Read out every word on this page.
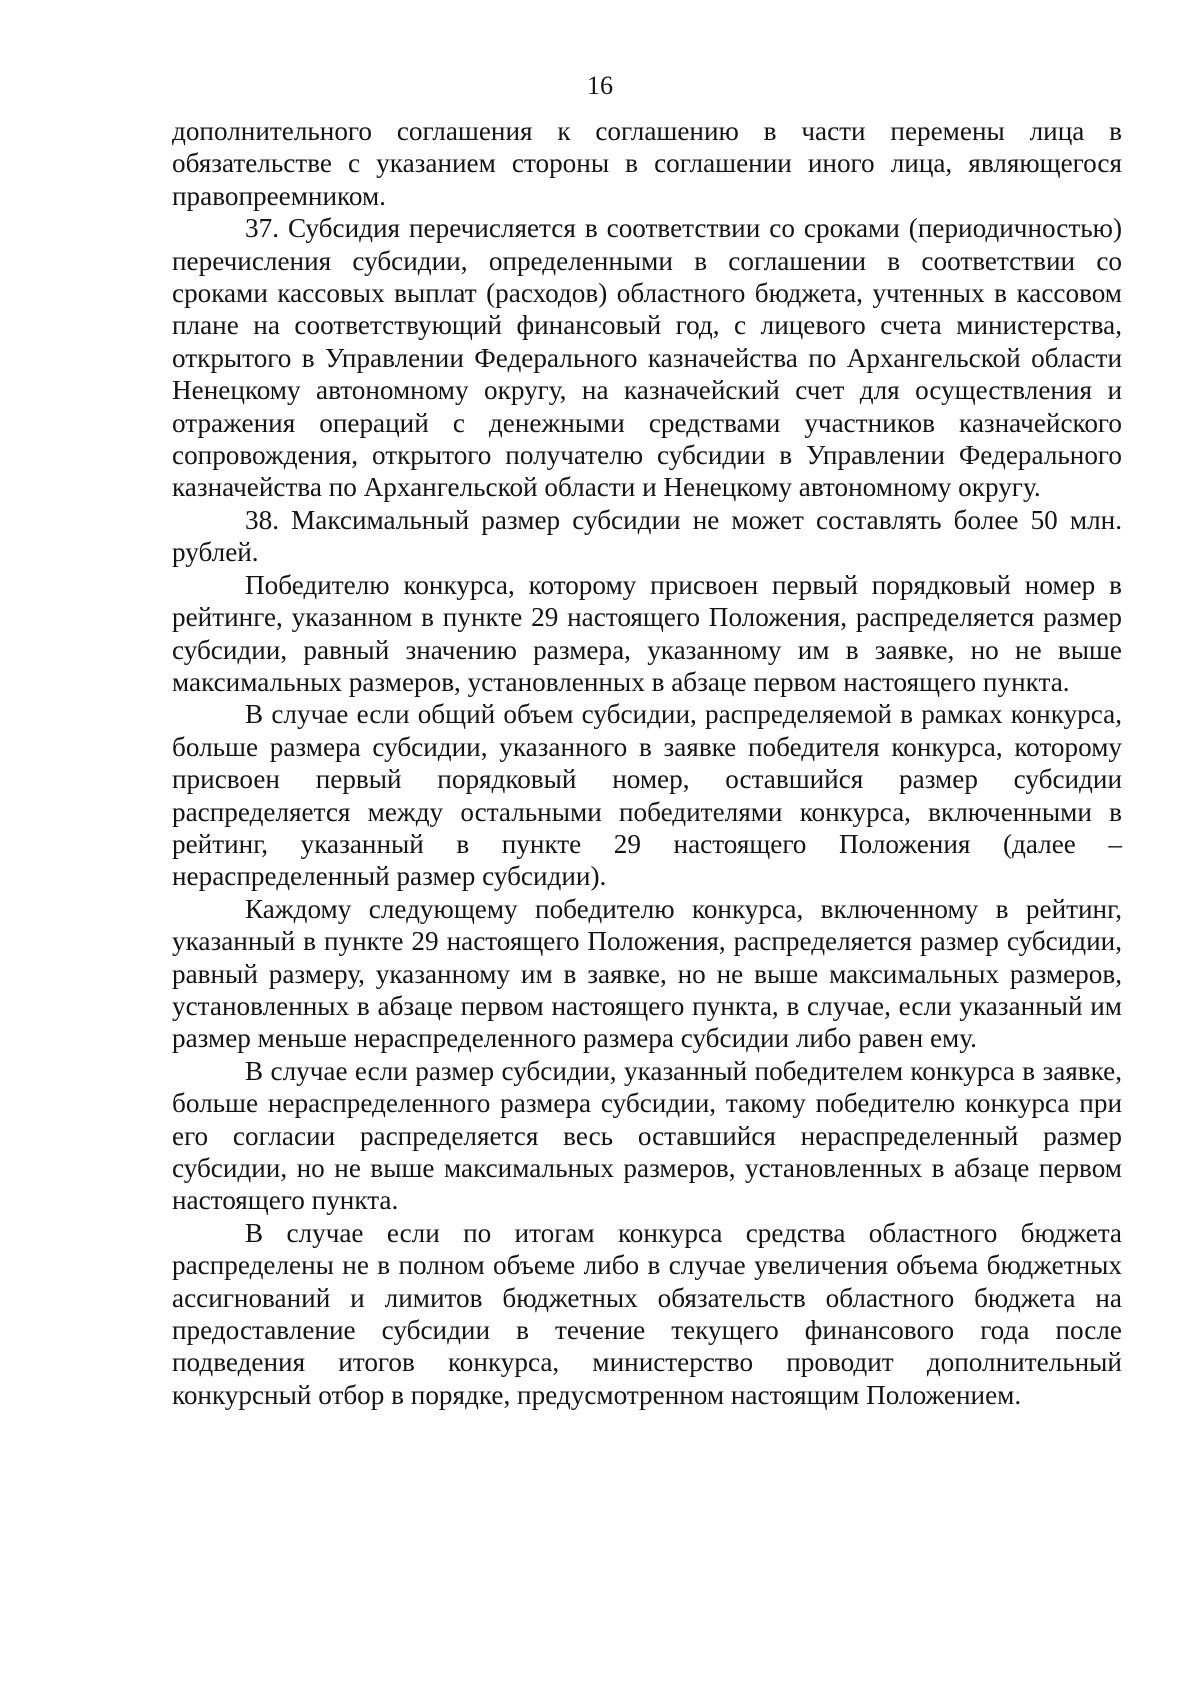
16

дополнительного соглашения к соглашению в части перемены лица в обязательстве с указанием стороны в соглашении иного лица, являющегося правопреемником.

37. Субсидия перечисляется в соответствии со сроками (периодичностью) перечисления субсидии, определенными в соглашении в соответствии со сроками кассовых выплат (расходов) областного бюджета, учтенных в кассовом плане на соответствующий финансовый год, с лицевого счета министерства, открытого в Управлении Федерального казначейства по Архангельской области Ненецкому автономному округу, на казначейский счет для осуществления и отражения операций с денежными средствами участников казначейского сопровождения, открытого получателю субсидии в Управлении Федерального казначейства по Архангельской области и Ненецкому автономному округу.

38. Максимальный размер субсидии не может составлять более 50 млн. рублей.

Победителю конкурса, которому присвоен первый порядковый номер в рейтинге, указанном в пункте 29 настоящего Положения, распределяется размер субсидии, равный значению размера, указанному им в заявке, но не выше максимальных размеров, установленных в абзаце первом настоящего пункта.

В случае если общий объем субсидии, распределяемой в рамках конкурса, больше размера субсидии, указанного в заявке победителя конкурса, которому присвоен первый порядковый номер, оставшийся размер субсидии распределяется между остальными победителями конкурса, включенными в рейтинг, указанный в пункте 29 настоящего Положения (далее – нераспределенный размер субсидии).

Каждому следующему победителю конкурса, включенному в рейтинг, указанный в пункте 29 настоящего Положения, распределяется размер субсидии, равный размеру, указанному им в заявке, но не выше максимальных размеров, установленных в абзаце первом настоящего пункта, в случае, если указанный им размер меньше нераспределенного размера субсидии либо равен ему.

В случае если размер субсидии, указанный победителем конкурса в заявке, больше нераспределенного размера субсидии, такому победителю конкурса при его согласии распределяется весь оставшийся нераспределенный размер субсидии, но не выше максимальных размеров, установленных в абзаце первом настоящего пункта.

В случае если по итогам конкурса средства областного бюджета распределены не в полном объеме либо в случае увеличения объема бюджетных ассигнований и лимитов бюджетных обязательств областного бюджета на предоставление субсидии в течение текущего финансового года после подведения итогов конкурса, министерство проводит дополнительный конкурсный отбор в порядке, предусмотренном настоящим Положением.
